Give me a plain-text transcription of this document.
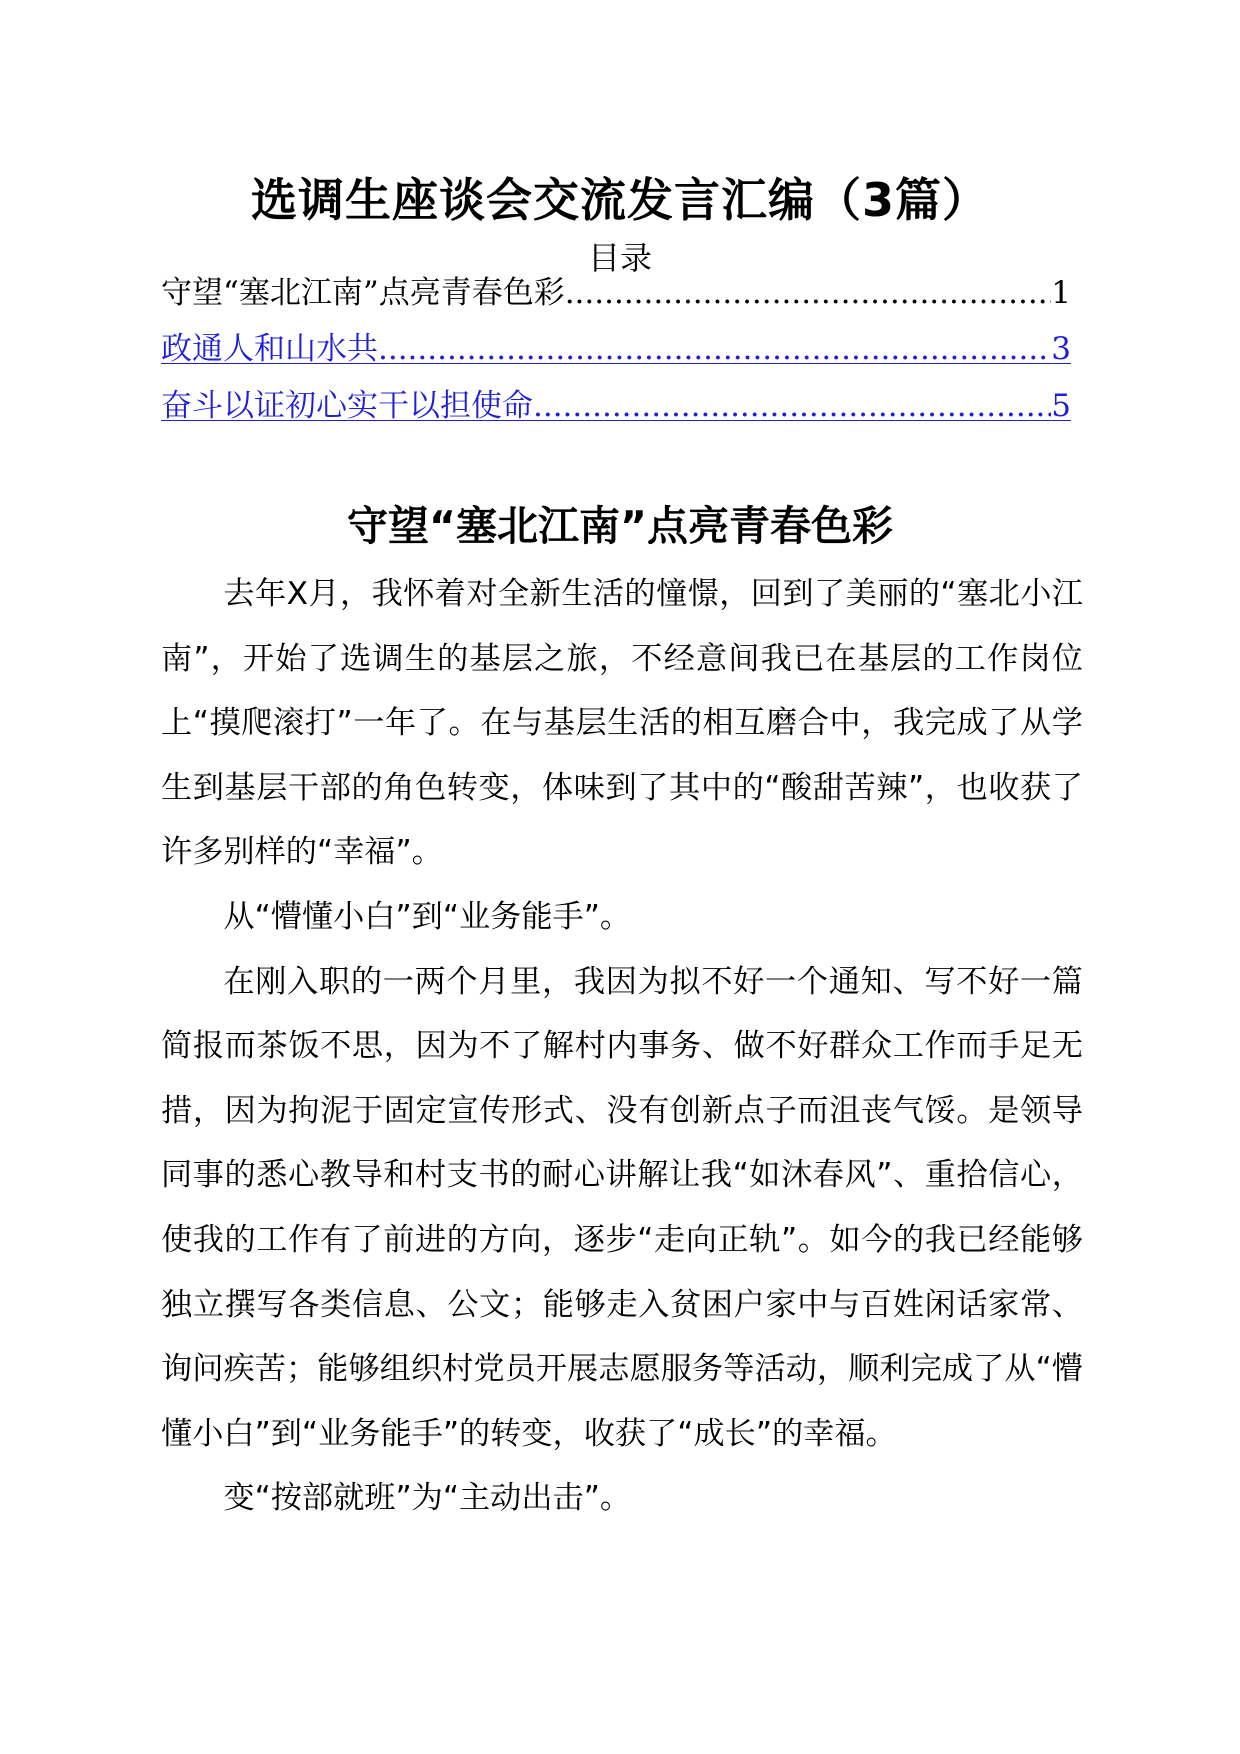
选调生座谈会交流发言汇编（3篇）
目录
守望“塞北江南”点亮青春色彩 .....	1
政通人和山水共 .....	3
奋斗以证初心实干以担使命 .....	5
守望“塞北江南”点亮青春色彩

去年X月，我怀着对全新生活的憧憬，回到了美丽的“塞北小江南”，开始了选调生的基层之旅，不经意间我已在基层的工作岗位上“摸爬滚打”一年了。在与基层生活的相互磨合中，我完成了从学生到基层干部的角色转变，体味到了其中的“酸甜苦辣”，也收获了许多别样的“幸福”。

从“懵懂小白”到“业务能手”。

在刚入职的一两个月里，我因为拟不好一个通知、写不好一篇简报而茶饭不思，因为不了解村内事务、做不好群众工作而手足无措，因为拘泥于固定宣传形式、没有创新点子而沮丧气馁。是领导同事的悉心教导和村支书的耐心讲解让我“如沐春风”、重拾信心，使我的工作有了前进的方向，逐步“走向正轨”。如今的我已经能够独立撰写各类信息、公文；能够走入贫困户家中与百姓闲话家常、询问疾苦；能够组织村党员开展志愿服务等活动，顺利完成了从“懵懂小白”到“业务能手”的转变，收获了“成长”的幸福。

变“按部就班”为“主动出击”。
